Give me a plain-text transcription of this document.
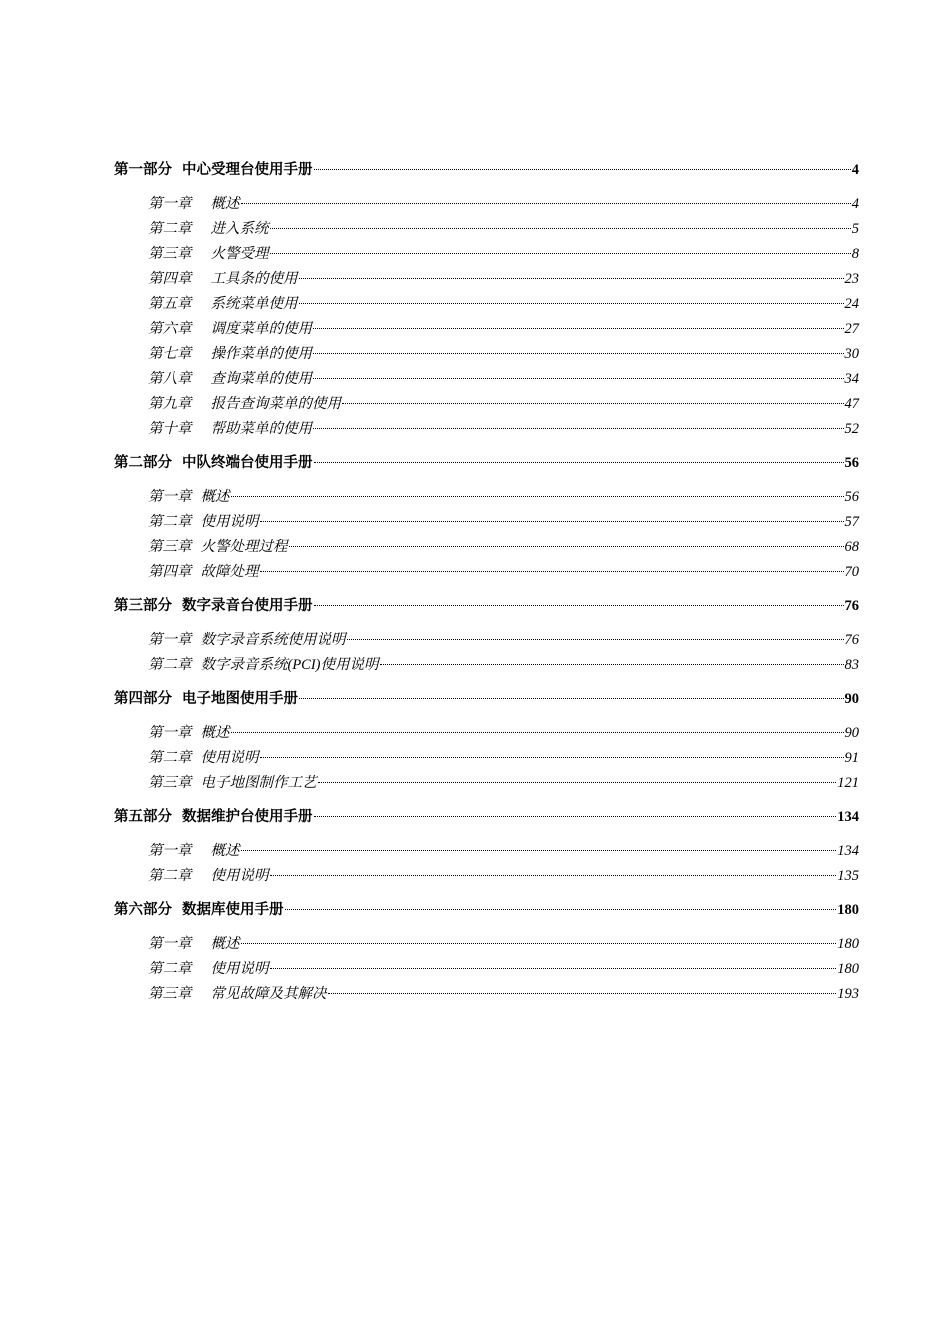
第一部分 中心受理台使用手册	4
第一章 概述	4
第二章 进入系统	5
第三章 火警受理	8
第四章 工具条的使用	23
第五章 系统菜单使用	24
第六章 调度菜单的使用	27
第七章 操作菜单的使用	30
第八章 查询菜单的使用	34
第九章 报告查询菜单的使用	47
第十章 帮助菜单的使用	52
第二部分 中队终端台使用手册	56
第一章 概述	56
第二章 使用说明	57
第三章 火警处理过程	68
第四章 故障处理	70
第三部分 数字录音台使用手册	76
第一章 数字录音系统使用说明	76
第二章 数字录音系统(PCI)使用说明	83
第四部分 电子地图使用手册	90
第一章 概述	90
第二章 使用说明	91
第三章 电子地图制作工艺	121
第五部分 数据维护台使用手册	134
第一章 概述	134
第二章 使用说明	135
第六部分 数据库使用手册	180
第一章 概述	180
第二章 使用说明	180
第三章 常见故障及其解决	193
